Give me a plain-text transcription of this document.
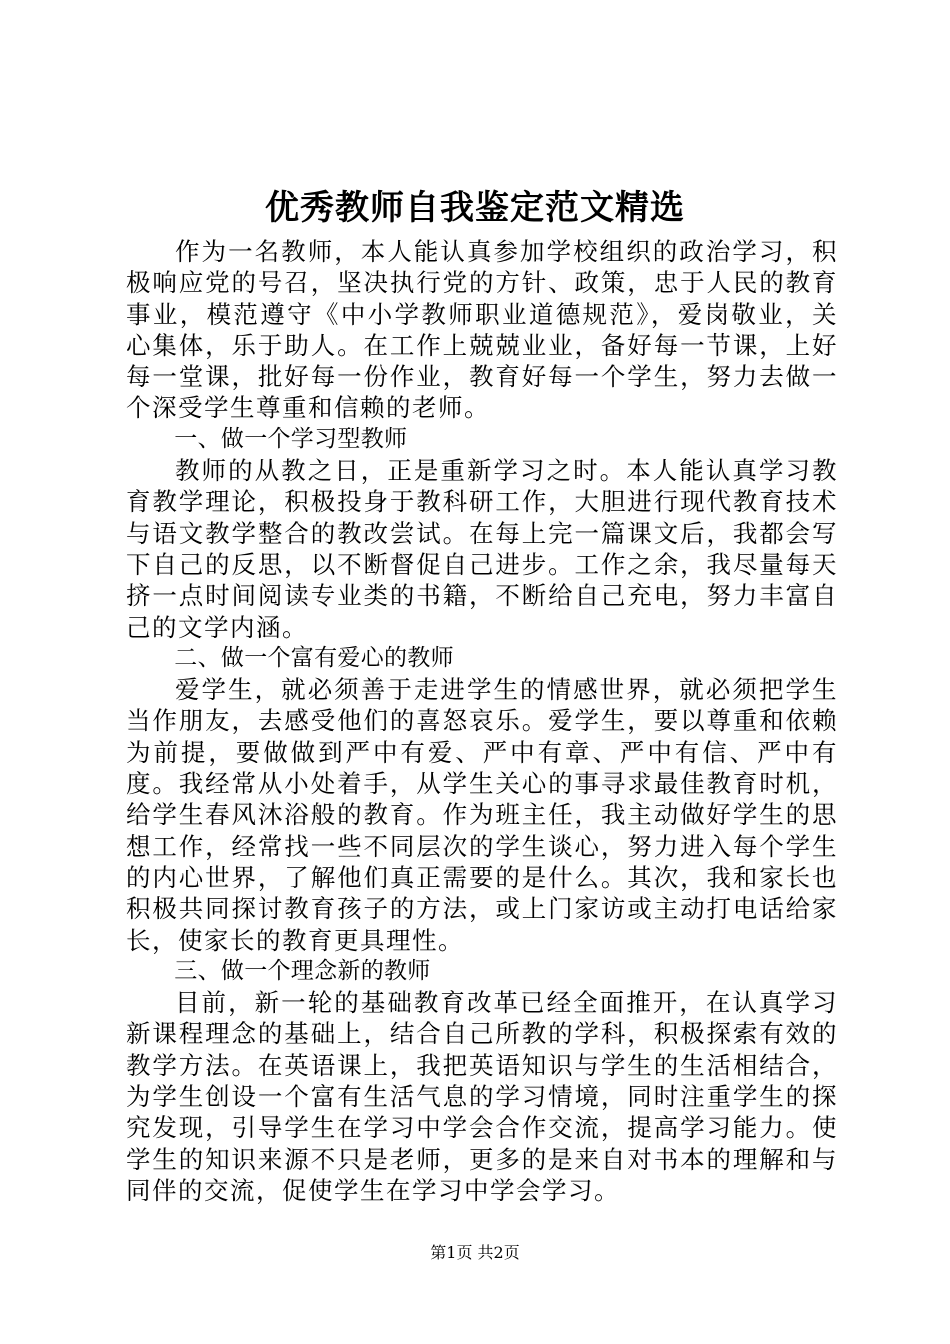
优秀教师自我鉴定范文精选

作为一名教师，本人能认真参加学校组织的政治学习，积极响应党的号召，坚决执行党的方针、政策，忠于人民的教育事业，模范遵守《中小学教师职业道德规范》，爱岗敬业，关心集体，乐于助人。在工作上兢兢业业，备好每一节课，上好每一堂课，批好每一份作业，教育好每一个学生，努力去做一个深受学生尊重和信赖的老师。

一、做一个学习型教师

教师的从教之日，正是重新学习之时。本人能认真学习教育教学理论，积极投身于教科研工作，大胆进行现代教育技术与语文教学整合的教改尝试。在每上完一篇课文后，我都会写下自己的反思，以不断督促自己进步。工作之余，我尽量每天挤一点时间阅读专业类的书籍，不断给自己充电，努力丰富自己的文学内涵。

二、做一个富有爱心的教师

爱学生，就必须善于走进学生的情感世界，就必须把学生当作朋友，去感受他们的喜怒哀乐。爱学生，要以尊重和依赖为前提，要做做到严中有爱、严中有章、严中有信、严中有度。我经常从小处着手，从学生关心的事寻求最佳教育时机，给学生春风沐浴般的教育。作为班主任，我主动做好学生的思想工作，经常找一些不同层次的学生谈心，努力进入每个学生的内心世界，了解他们真正需要的是什么。其次，我和家长也积极共同探讨教育孩子的方法，或上门家访或主动打电话给家长，使家长的教育更具理性。

三、做一个理念新的教师

目前，新一轮的基础教育改革已经全面推开，在认真学习新课程理念的基础上，结合自己所教的学科，积极探索有效的教学方法。在英语课上，我把英语知识与学生的生活相结合，为学生创设一个富有生活气息的学习情境，同时注重学生的探究发现，引导学生在学习中学会合作交流，提高学习能力。使学生的知识来源不只是老师，更多的是来自对书本的理解和与同伴的交流，促使学生在学习中学会学习。

第1页 共2页
